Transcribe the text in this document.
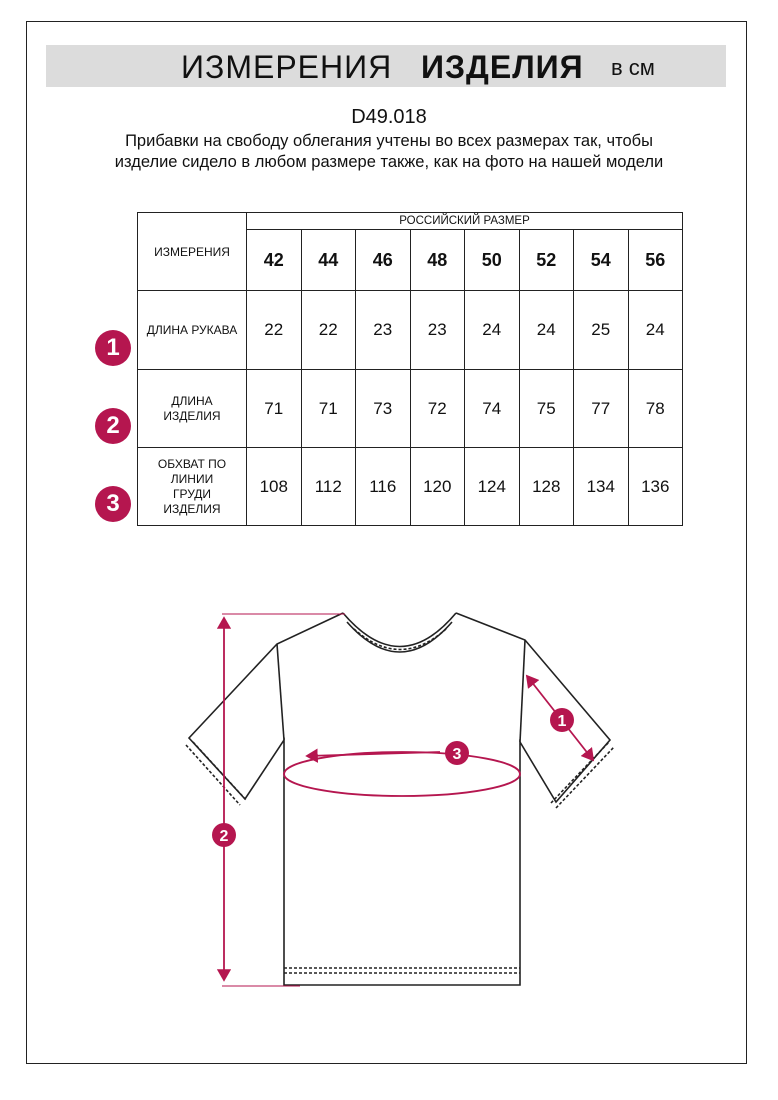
ИЗМЕРЕНИЯ ИЗДЕЛИЯ в см
D49.018
Прибавки на свободу облегания учтены во всех размерах так, чтобы изделие сидело в любом размере также, как на фото на нашей модели
ИЗМЕРЕНИЯ	РОССИЙСКИЙ РАЗМЕР							
	42	44	46	48	50	52	54	56
ДЛИНА РУКАВА	22	22	23	23	24	24	25	24
ДЛИНА ИЗДЕЛИЯ	71	71	73	72	74	75	77	78
ОБХВАТ ПО ЛИНИИ ГРУДИ ИЗДЕЛИЯ	108	112	116	120	124	128	134	136
1
2
3
1
2
3
